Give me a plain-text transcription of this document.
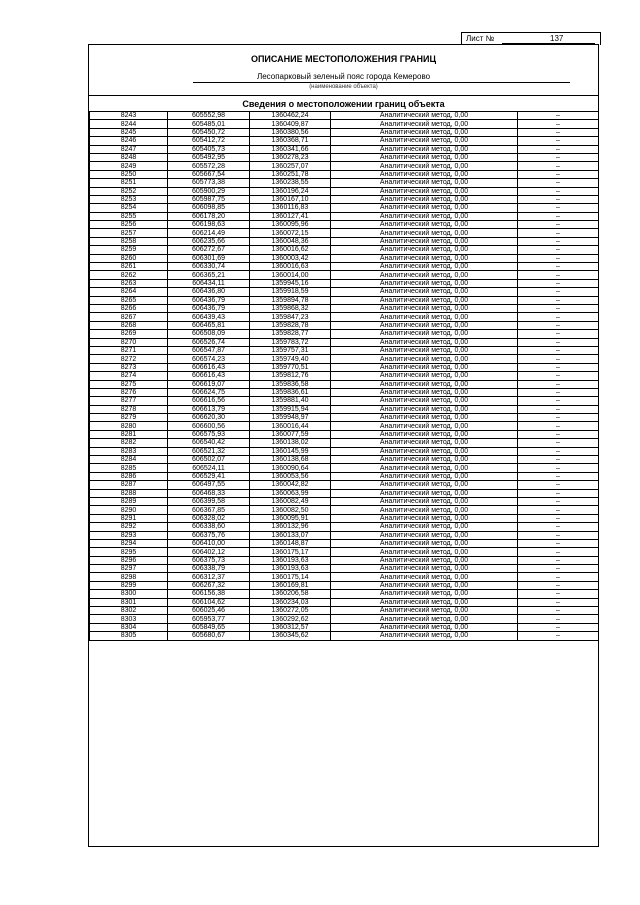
Лист №	137
ОПИСАНИЕ МЕСТОПОЛОЖЕНИЯ ГРАНИЦ
Лесопарковый зеленый пояс города Кемерово
(наименование объекта)
Сведения о местоположении границ объекта
8243	605552,98	1360462,24	Аналитический метод, 0,00	–
8244	605485,01	1360409,87	Аналитический метод, 0,00	–
8245	605450,72	1360380,56	Аналитический метод, 0,00	–
8246	605412,72	1360368,71	Аналитический метод, 0,00	–
8247	605405,73	1360341,66	Аналитический метод, 0,00	–
8248	605492,95	1360278,23	Аналитический метод, 0,00	–
8249	605572,28	1360257,07	Аналитический метод, 0,00	–
8250	605667,54	1360251,78	Аналитический метод, 0,00	–
8251	605773,38	1360238,55	Аналитический метод, 0,00	–
8252	605900,29	1360196,24	Аналитический метод, 0,00	–
8253	605987,75	1360167,10	Аналитический метод, 0,00	–
8254	606098,85	1360116,83	Аналитический метод, 0,00	–
8255	606178,20	1360127,41	Аналитический метод, 0,00	–
8256	606198,63	1360095,96	Аналитический метод, 0,00	–
8257	606214,49	1360072,15	Аналитический метод, 0,00	–
8258	606235,66	1360048,36	Аналитический метод, 0,00	–
8259	606272,67	1360016,62	Аналитический метод, 0,00	–
8260	606301,69	1360003,42	Аналитический метод, 0,00	–
8261	606330,74	1360016,63	Аналитический метод, 0,00	–
8262	606365,21	1360014,00	Аналитический метод, 0,00	–
8263	606434,11	1359945,16	Аналитический метод, 0,00	–
8264	606436,80	1359918,59	Аналитический метод, 0,00	–
8265	606436,79	1359894,78	Аналитический метод, 0,00	–
8266	606436,79	1359868,32	Аналитический метод, 0,00	–
8267	606439,43	1359847,23	Аналитический метод, 0,00	–
8268	606465,81	1359828,78	Аналитический метод, 0,00	–
8269	606508,09	1359828,77	Аналитический метод, 0,00	–
8270	606526,74	1359783,72	Аналитический метод, 0,00	–
8271	606547,87	1359757,31	Аналитический метод, 0,00	–
8272	606574,23	1359749,40	Аналитический метод, 0,00	–
8273	606616,43	1359770,51	Аналитический метод, 0,00	–
8274	606616,43	1359812,76	Аналитический метод, 0,00	–
8275	606619,07	1359836,58	Аналитический метод, 0,00	–
8276	606624,75	1359836,61	Аналитический метод, 0,00	–
8277	606616,56	1359881,40	Аналитический метод, 0,00	–
8278	606613,79	1359915,94	Аналитический метод, 0,00	–
8279	606620,30	1359948,97	Аналитический метод, 0,00	–
8280	606600,56	1360016,44	Аналитический метод, 0,00	–
8281	606575,93	1360077,59	Аналитический метод, 0,00	–
8282	606540,42	1360138,02	Аналитический метод, 0,00	–
8283	606521,32	1360145,99	Аналитический метод, 0,00	–
8284	606502,07	1360138,68	Аналитический метод, 0,00	–
8285	606524,11	1360090,64	Аналитический метод, 0,00	–
8286	606529,41	1360053,56	Аналитический метод, 0,00	–
8287	606497,55	1360042,82	Аналитический метод, 0,00	–
8288	606468,33	1360063,99	Аналитический метод, 0,00	–
8289	606399,58	1360082,49	Аналитический метод, 0,00	–
8290	606367,85	1360082,50	Аналитический метод, 0,00	–
8291	606328,02	1360095,91	Аналитический метод, 0,00	–
8292	606338,60	1360132,96	Аналитический метод, 0,00	–
8293	606375,76	1360133,07	Аналитический метод, 0,00	–
8294	606410,00	1360148,87	Аналитический метод, 0,00	–
8295	606402,12	1360175,17	Аналитический метод, 0,00	–
8296	606375,73	1360193,63	Аналитический метод, 0,00	–
8297	606338,79	1360193,63	Аналитический метод, 0,00	–
8298	606312,37	1360175,14	Аналитический метод, 0,00	–
8299	606267,32	1360169,81	Аналитический метод, 0,00	–
8300	606156,38	1360206,58	Аналитический метод, 0,00	–
8301	606104,62	1360234,03	Аналитический метод, 0,00	–
8302	606025,46	1360272,05	Аналитический метод, 0,00	–
8303	605953,77	1360292,62	Аналитический метод, 0,00	–
8304	605849,65	1360312,57	Аналитический метод, 0,00	–
8305	605680,67	1360345,62	Аналитический метод, 0,00	–
